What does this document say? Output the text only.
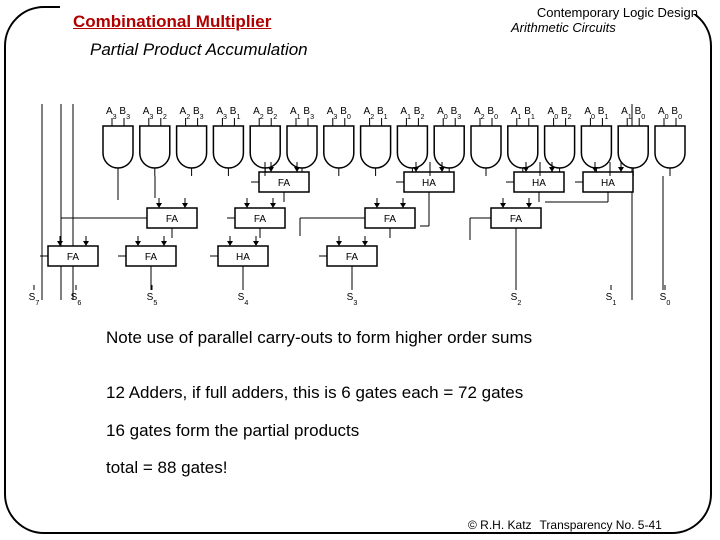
Contemporary Logic Design
Arithmetic Circuits
Combinational Multiplier
Partial Product Accumulation
$A_3$ $B_3$ $A_3$ $B_2$ $A_2$ $B_3$ $A_3$ $B_1$ $A_2$ $B_2$ $A_1$ $B_3$ $A_3$ $B_0$ $A_2$ $B_1$ $A_1$ $B_2$ $A_0$ $B_3$ $A_2$ $B_0$ $A_1$ $B_1$ $A_0$ $B_2$ $A_0$ $B_1$ $A_1$ $B_0$ $A_0$ $B_0$
FA	HA	HA	HA
FA	FA	FA	FA
FA	FA	HA	FA
$S_7$	$S_6$	$S_5$	$S_4$	$S_3$	$S_2$	$S_1$	$S_0$
Note use of parallel carry-outs to form higher order sums
12 Adders, if full adders, this is 6 gates each = 72 gates
16 gates form the partial products
total = 88 gates!
© R.H. Katz Transparency No. 5-41
